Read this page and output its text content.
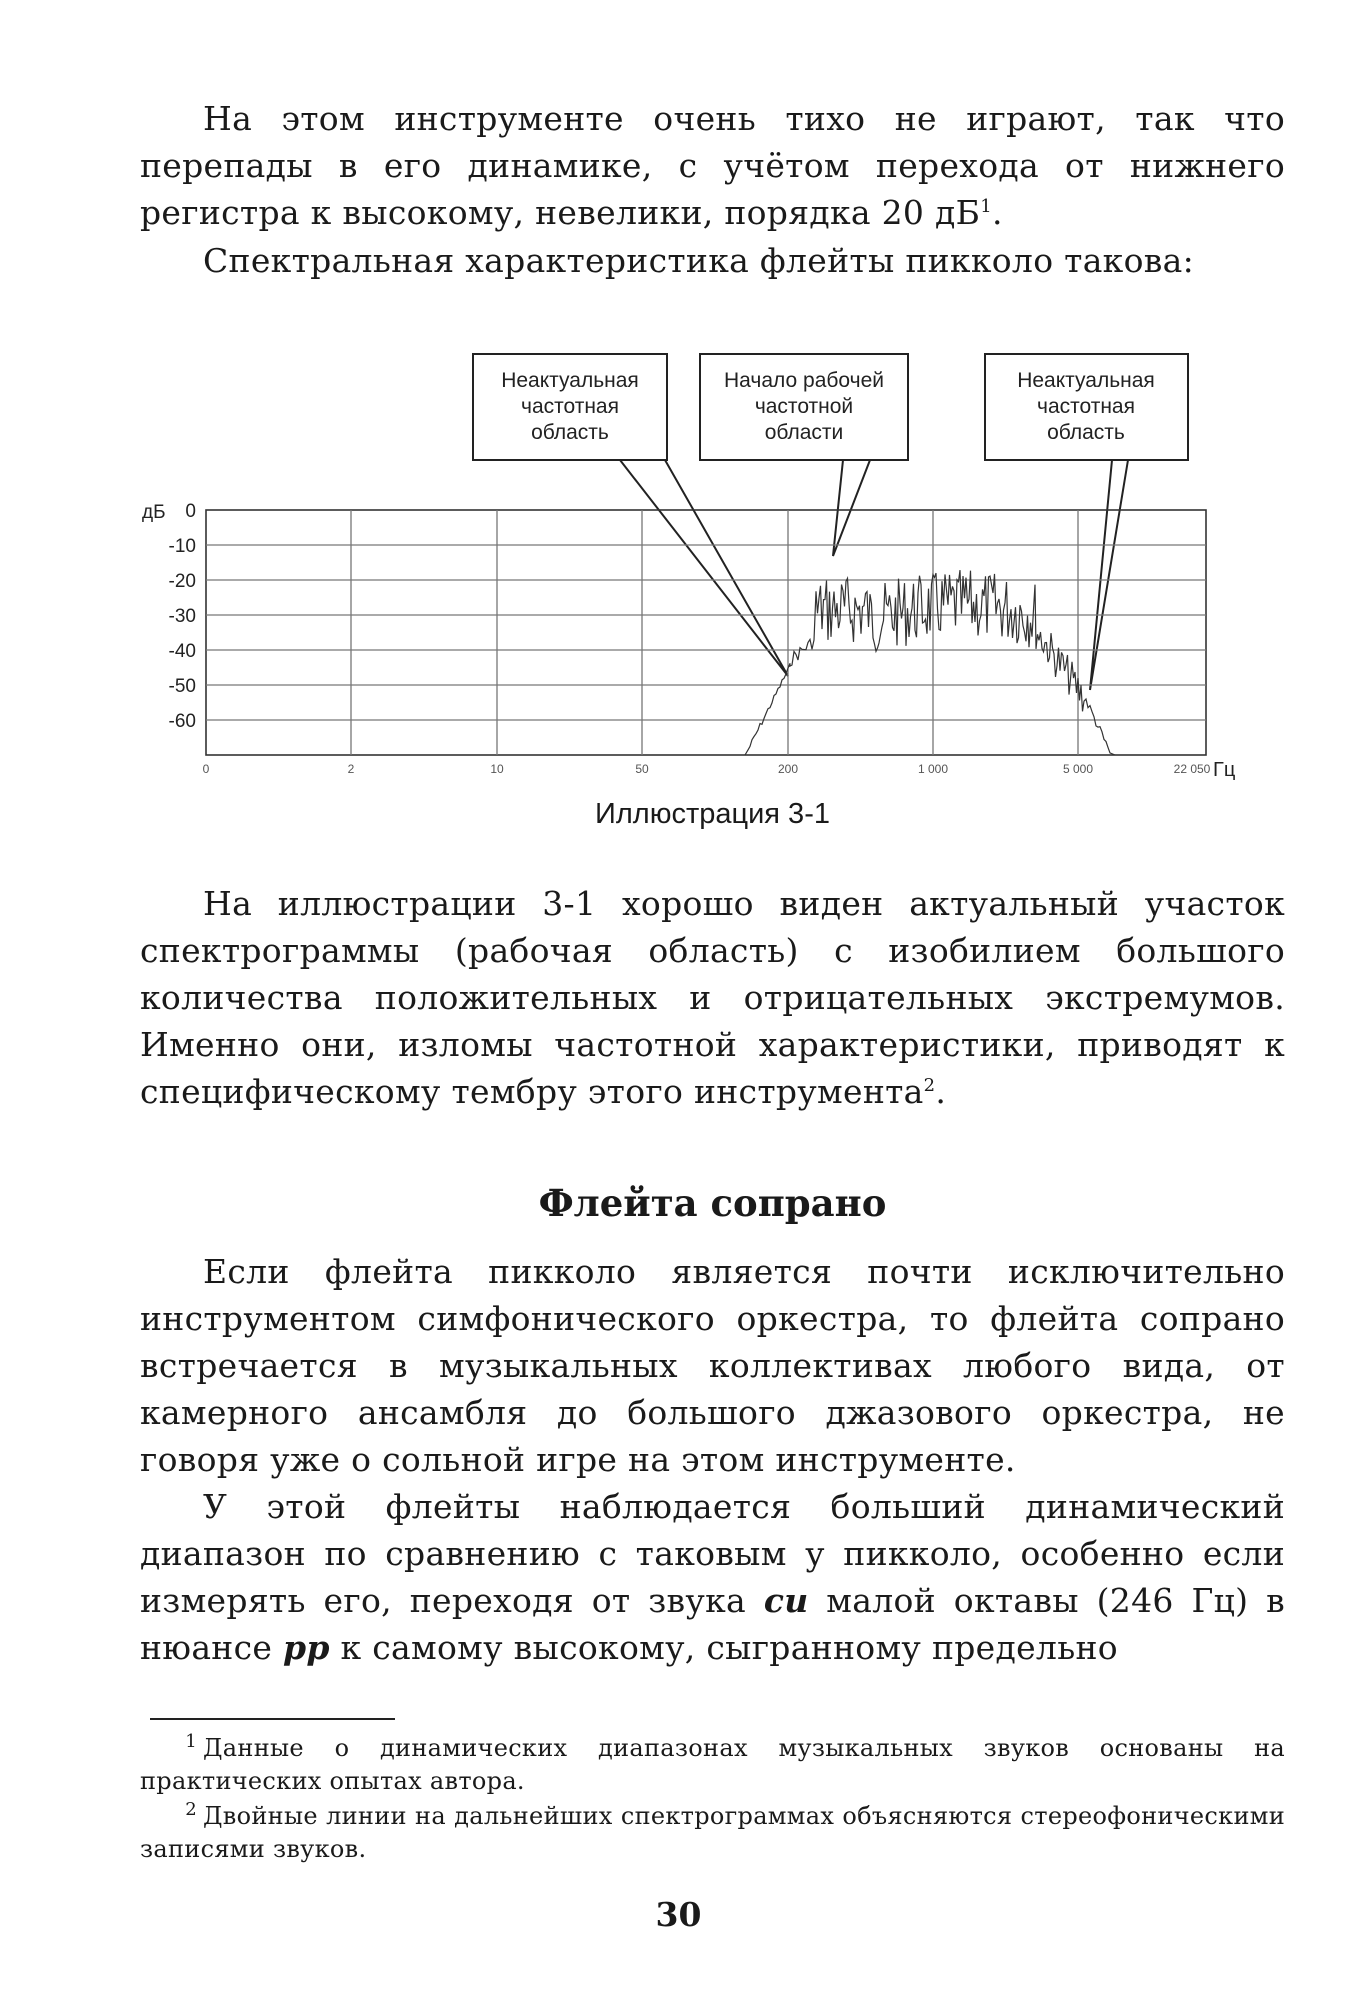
На этом инструменте очень тихо не играют, так что перепады в его динамике, с учётом перехода от нижнего регистра к высокому, невелики, порядка 20 $дБ^1$.

Спектральная характеристика флейты пикколо такова:

Неактуальная
частотная
область
Начало рабочей
частотной
области
Неактуальная
частотная
область
дБ 0
-10
-20
-30
-40
-50
-60
0	2	10	50	200	1 000	5 000	22 050 Гц
Иллюстрация 3-1

На иллюстрации 3-1 хорошо виден актуальный участок спектрограммы (рабочая область) с изобилием большого количества положительных и отрицательных экстремумов. Именно они, изломы частотной характеристики, приводят к специфическому тембру этого инструмента$^2$.

Флейта сопрано

Если флейта пикколо является почти исключительно инструментом симфонического оркестра, то флейта сопрано встречается в музыкальных коллективах любого вида, от камерного ансамбля до большого джазового оркестра, не говоря уже о сольной игре на этом инструменте.

У этой флейты наблюдается больший динамический диапазон по сравнению с таковым у пикколо, особенно если измерять его, переходя от звука си малой октавы (246 Гц) в нюансе pp к самому высокому, сыгранному предельно

$^1$ Данные о динамических диапазонах музыкальных звуков основаны на практических опытах автора.
$^2$ Двойные линии на дальнейших спектрограммах объясняются стереофоническими записями звуков.
30
